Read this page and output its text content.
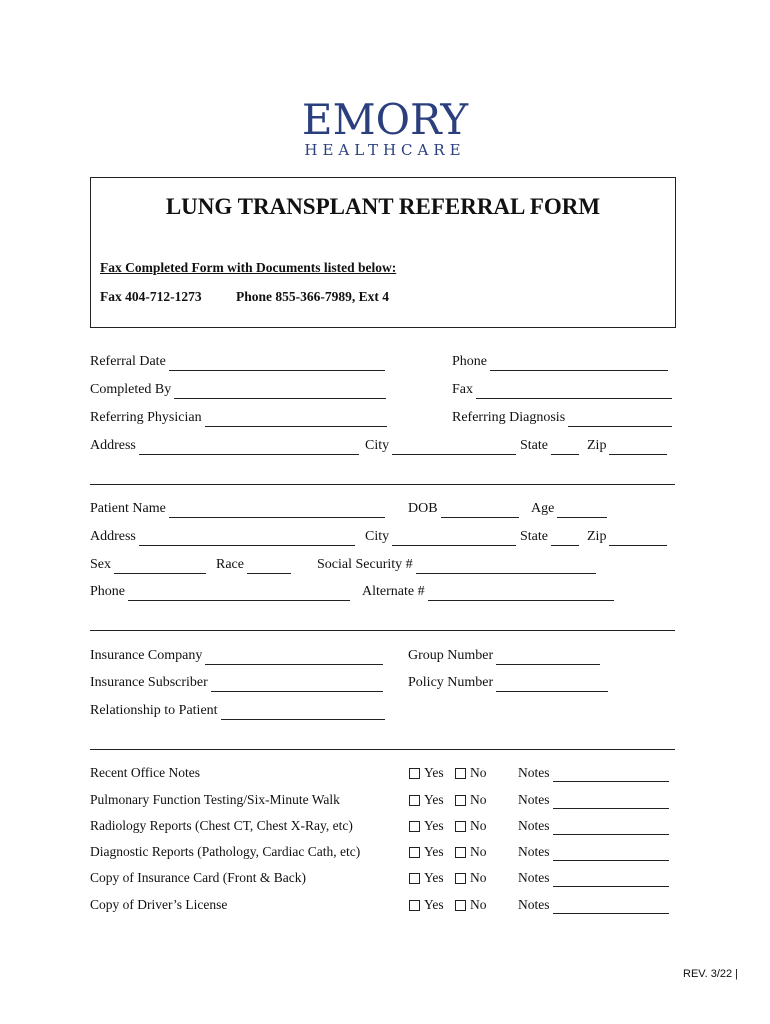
EMORY
HEALTHCARE
LUNG TRANSPLANT REFERRAL FORM
Fax Completed Form with Documents listed below:
Fax 404-712-1273	Phone 855-366-7989, Ext 4
Referral Date	Phone
Completed By	Fax
Referring Physician	Referring Diagnosis
Address	City	State	Zip
Patient Name	DOB	Age
Address	City	State	Zip
Sex	Race	Social Security #
Phone	Alternate #
Insurance Company	Group Number
Insurance Subscriber	Policy Number
Relationship to Patient
Recent Office Notes	Yes No Notes
Pulmonary Function Testing/Six-Minute Walk	Yes No Notes
Radiology Reports (Chest CT, Chest X-Ray, etc)	Yes No Notes
Diagnostic Reports (Pathology, Cardiac Cath, etc)	Yes No Notes
Copy of Insurance Card (Front & Back)	Yes No Notes
Copy of Driver’s License	Yes No Notes
REV. 3/22 |
